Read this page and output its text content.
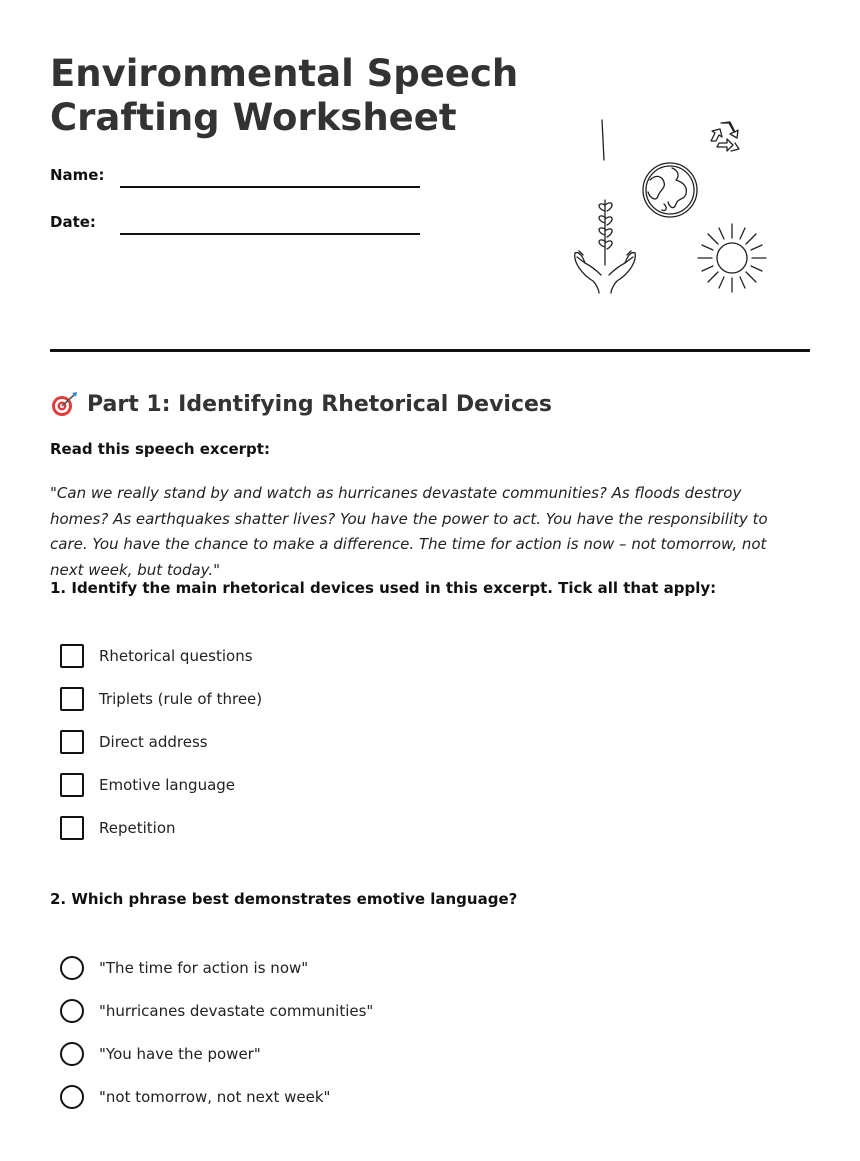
Environmental Speech Crafting Worksheet
Name:
Date:
Part 1: Identifying Rhetorical Devices

Read this speech excerpt:

"Can we really stand by and watch as hurricanes devastate communities? As floods destroy homes? As earthquakes shatter lives? You have the power to act. You have the responsibility to care. You have the chance to make a difference. The time for action is now – not tomorrow, not next week, but today."

1. Identify the main rhetorical devices used in this excerpt. Tick all that apply:

Rhetorical questions
Triplets (rule of three)
Direct address
Emotive language
Repetition

2. Which phrase best demonstrates emotive language?

"The time for action is now"
"hurricanes devastate communities"
"You have the power"
"not tomorrow, not next week"
